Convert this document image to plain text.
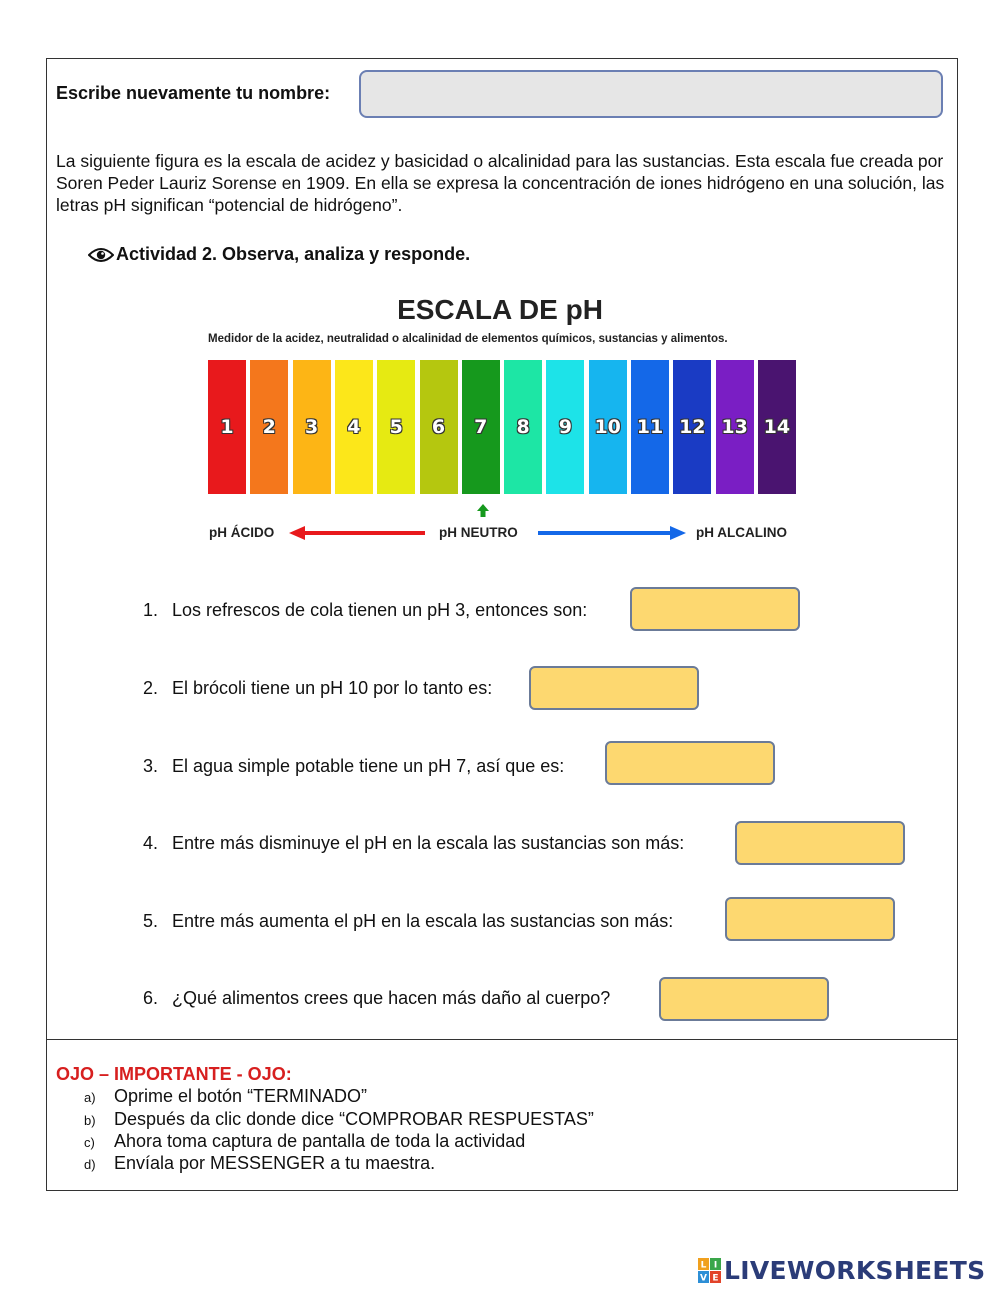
Escribe nuevamente tu nombre:
La siguiente figura es la escala de acidez y basicidad o alcalinidad para las sustancias. Esta escala fue creada por Soren Peder Lauriz Sorense en 1909. En ella se expresa la concentración de iones hidrógeno en una solución, las letras pH significan “potencial de hidrógeno”.
Actividad 2. Observa, analiza y responde.
ESCALA DE pH
Medidor de la acidez, neutralidad o alcalinidad de elementos químicos, sustancias y alimentos.
1	2	3	4	5	6	7	8	9	10 11 12 13 14
pH ÁCIDO	pH NEUTRO	pH ALCALINO
1. Los refrescos de cola tienen un pH 3, entonces son:
2. El brócoli tiene un pH 10 por lo tanto es:
3. El agua simple potable tiene un pH 7, así que es:
4. Entre más disminuye el pH en la escala las sustancias son más:
5. Entre más aumenta el pH en la escala las sustancias son más:
6. ¿Qué alimentos crees que hacen más daño al cuerpo?
OJO – IMPORTANTE - OJO:
a) Oprime el botón “TERMINADO”
b) Después da clic donde dice “COMPROBAR RESPUESTAS”
c) Ahora toma captura de pantalla de toda la actividad
d) Envíala por MESSENGER a tu maestra.
L I
V E LIVEWORKSHEETS
